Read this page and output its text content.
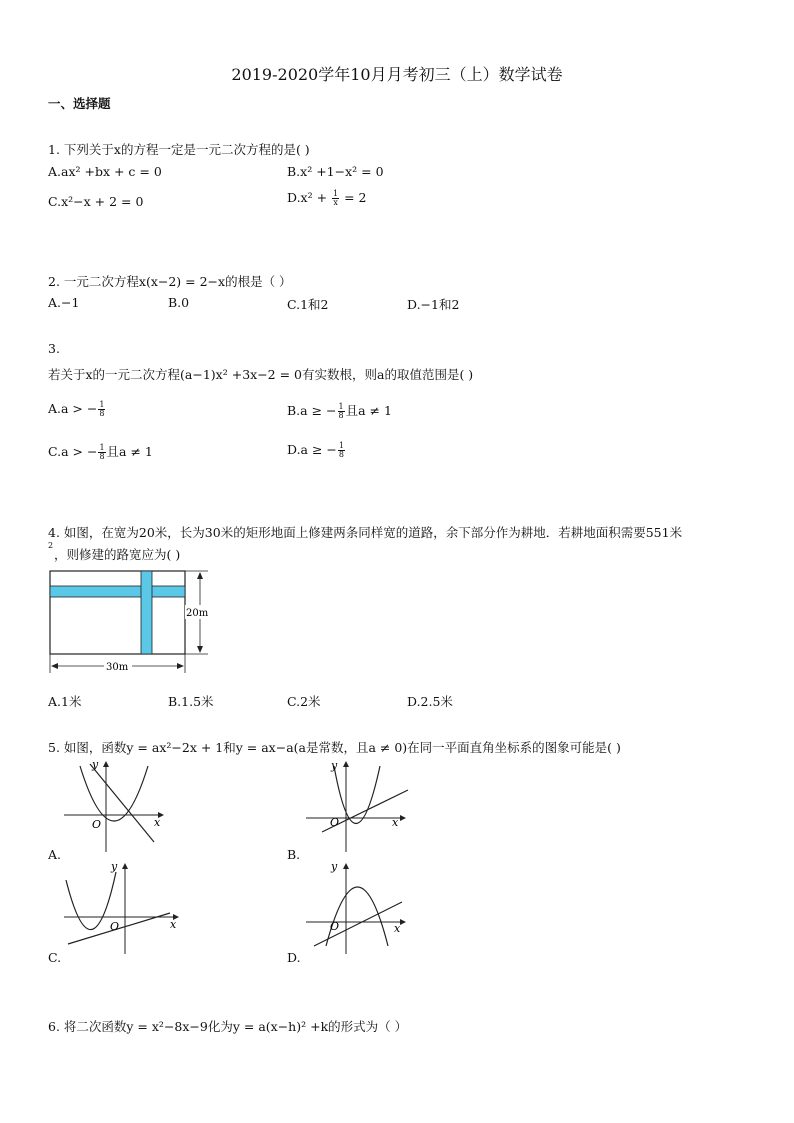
2019-2020学年10月月考初三（上）数学试卷
一、选择题
1. 下列关于x的方程一定是一元二次方程的是( )
A.ax² +bx + c = 0	B.x² +1−x² = 0
C.x²−x + 2 = 0	$D.x^2 + \frac{1}{x} = 2$
2. 一元二次方程x(x−2) = 2−x的根是（ ）
A.−1	B.0	C.1和2	D.−1和2
3.
若关于x的一元二次方程(a−1)x² +3x−2 = 0有实数根，则a的取值范围是( )
A.a > − $\frac{1}{8}$	B.a ≥ − $\frac{1}{8}$ 且a ≠ 1
C.a > − $\frac{1}{8}$ 且a ≠ 1	D.a ≥ − $\frac{1}{8}$
4. 如图，在宽为20米，长为30米的矩形地面上修建两条同样宽的道路，余下部分作为耕地．若耕地面积需要551米
2
，则修建的路宽应为( )
20m
30m
A.1米	B.1.5米	C.2米	D.2.5米
5. 如图，函数y = ax²−2x + 1和y = ax−a(a是常数，且a ≠ 0)在同一平面直角坐标系的图象可能是( )
O	x
y
A.
O	x
y
B.
O	x
y
C.
O	x
y
D.
6. 将二次函数y = x²−8x−9化为y = a(x−h)² +k的形式为（ ）
